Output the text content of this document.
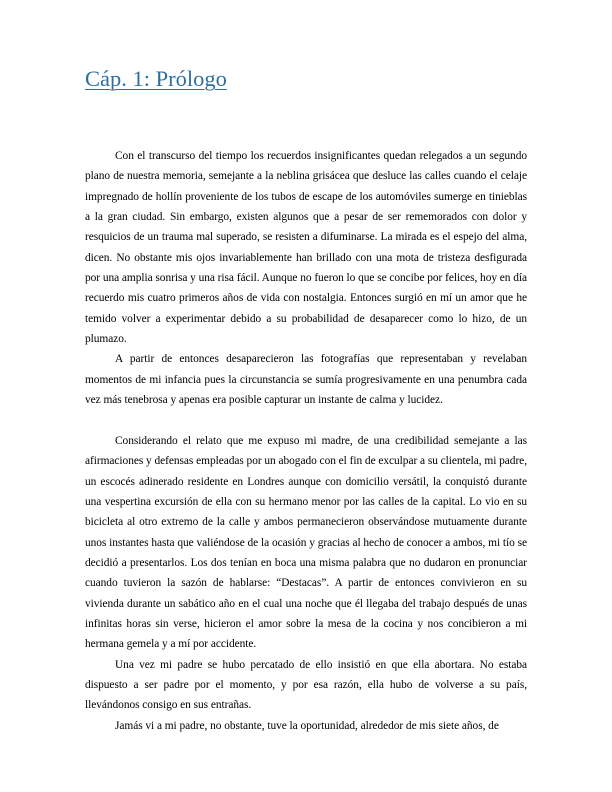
Cáp. 1: Prólogo

Con el transcurso del tiempo los recuerdos insignificantes quedan relegados a un segundo plano de nuestra memoria, semejante a la neblina grisácea que desluce las calles cuando el celaje impregnado de hollín proveniente de los tubos de escape de los automóviles sumerge en tinieblas a la gran ciudad. Sin embargo, existen algunos que a pesar de ser rememorados con dolor y resquicios de un trauma mal superado, se resisten a difuminarse. La mirada es el espejo del alma, dicen. No obstante mis ojos invariablemente han brillado con una mota de tristeza desfigurada por una amplia sonrisa y una risa fácil. Aunque no fueron lo que se concibe por felices, hoy en día recuerdo mis cuatro primeros años de vida con nostalgia. Entonces surgió en mí un amor que he temido volver a experimentar debido a su probabilidad de desaparecer como lo hizo, de un plumazo.

A partir de entonces desaparecieron las fotografías que representaban y revelaban momentos de mi infancia pues la circunstancia se sumía progresivamente en una penumbra cada vez más tenebrosa y apenas era posible capturar un instante de calma y lucidez.

Considerando el relato que me expuso mi madre, de una credibilidad semejante a las afirmaciones y defensas empleadas por un abogado con el fin de exculpar a su clientela, mi padre, un escocés adinerado residente en Londres aunque con domicilio versátil, la conquistó durante una vespertina excursión de ella con su hermano menor por las calles de la capital. Lo vio en su bicicleta al otro extremo de la calle y ambos permanecieron observándose mutuamente durante unos instantes hasta que valiéndose de la ocasión y gracias al hecho de conocer a ambos, mi tío se decidió a presentarlos. Los dos tenían en boca una misma palabra que no dudaron en pronunciar cuando tuvieron la sazón de hablarse: “Destacas”. A partir de entonces convivieron en su vivienda durante un sabático año en el cual una noche que él llegaba del trabajo después de unas infinitas horas sin verse, hicieron el amor sobre la mesa de la cocina y nos concibieron a mi hermana gemela y a mí por accidente.

Una vez mi padre se hubo percatado de ello insistió en que ella abortara. No estaba dispuesto a ser padre por el momento, y por esa razón, ella hubo de volverse a su país, llevándonos consigo en sus entrañas.

Jamás vi a mi padre, no obstante, tuve la oportunidad, alrededor de mis siete años, de
